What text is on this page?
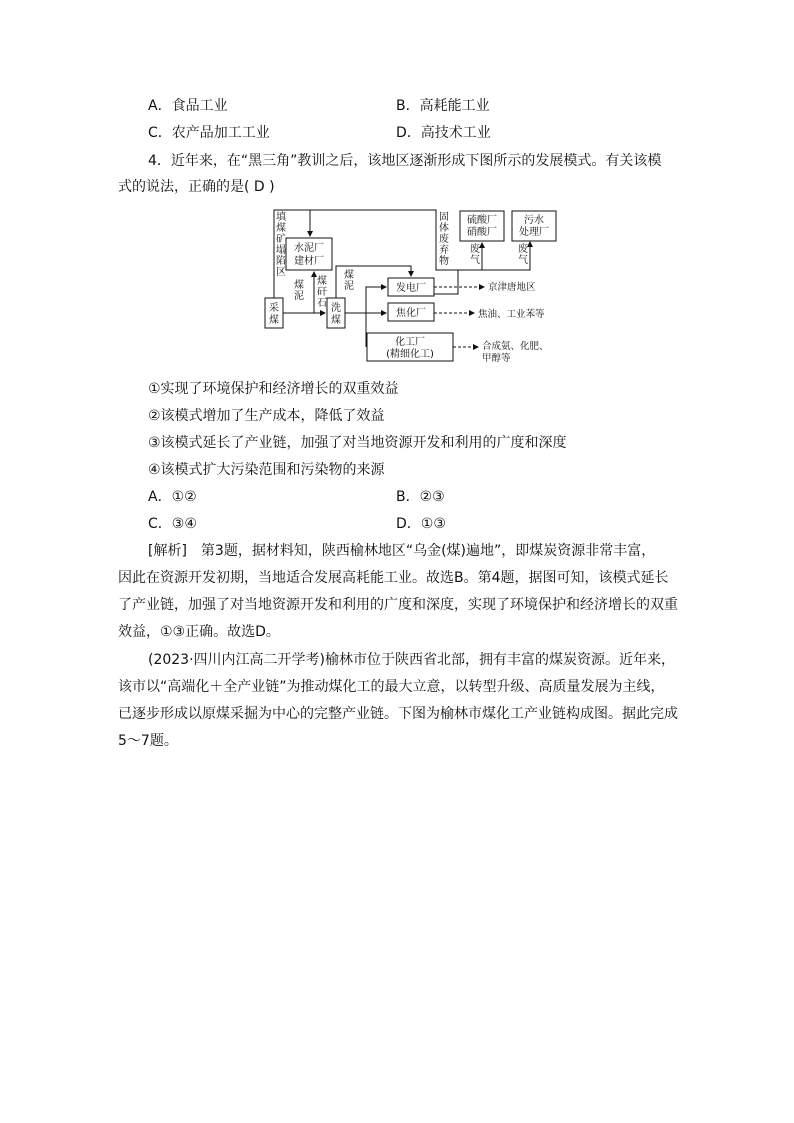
A．食品工业	B．高耗能工业
C．农产品加工工业	D．高技术工业
4．近年来，在“黑三角”教训之后，该地区逐渐形成下图所示的发展模式。有关该模
式的说法，正确的是( D )
填 煤 矿 塌 陷 区
水泥厂
建材厂
煤矸石
煤泥
煤泥
采煤
洗煤
固体废弃物
硫酸厂
硝酸厂
污水
处理厂
废气
废气
发电厂
焦化厂
化工厂
(精细化工)
京津唐地区
焦油、工业苯等
合成氨、化肥、
甲醇等
①实现了环境保护和经济增长的双重效益
②该模式增加了生产成本，降低了效益
③该模式延长了产业链，加强了对当地资源开发和利用的广度和深度
④该模式扩大污染范围和污染物的来源
A．①②	B．②③
C．③④	D．①③
[解析]　第3题，据材料知，陕西榆林地区“乌金(煤)遍地”，即煤炭资源非常丰富，
因此在资源开发初期，当地适合发展高耗能工业。故选B。第4题，据图可知，该模式延长
了产业链，加强了对当地资源开发和利用的广度和深度，实现了环境保护和经济增长的双重
效益，①③正确。故选D。
(2023·四川内江高二开学考)榆林市位于陕西省北部，拥有丰富的煤炭资源。近年来，
该市以“高端化＋全产业链”为推动煤化工的最大立意，以转型升级、高质量发展为主线，
已逐步形成以原煤采掘为中心的完整产业链。下图为榆林市煤化工产业链构成图。据此完成
5～7题。
